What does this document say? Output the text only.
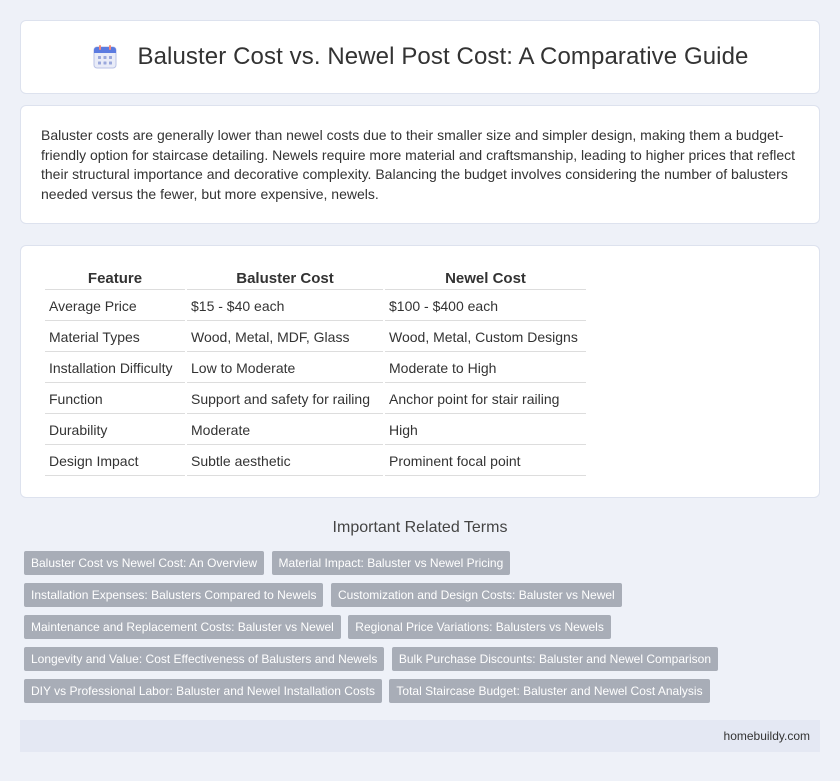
Baluster Cost vs. Newel Post Cost: A Comparative Guide

Baluster costs are generally lower than newel costs due to their smaller size and simpler design, making them a budget-friendly option for staircase detailing. Newels require more material and craftsmanship, leading to higher prices that reflect their structural importance and decorative complexity. Balancing the budget involves considering the number of balusters needed versus the fewer, but more expensive, newels.

Feature	Baluster Cost	Newel Cost
Average Price	$15 - $40 each	$100 - $400 each
Material Types	Wood, Metal, MDF, Glass	Wood, Metal, Custom Designs
Installation Difficulty	Low to Moderate	Moderate to High
Function	Support and safety for railing	Anchor point for stair railing
Durability	Moderate	High
Design Impact	Subtle aesthetic	Prominent focal point
Important Related Terms
Baluster Cost vs Newel Cost: An Overview Material Impact: Baluster vs Newel Pricing Installation Expenses: Balusters Compared to Newels Customization and Design Costs: Baluster vs Newel Maintenance and Replacement Costs: Baluster vs Newel Regional Price Variations: Balusters vs Newels Longevity and Value: Cost Effectiveness of Balusters and Newels Bulk Purchase Discounts: Baluster and Newel Comparison DIY vs Professional Labor: Baluster and Newel Installation Costs Total Staircase Budget: Baluster and Newel Cost Analysis
homebuildy.com
